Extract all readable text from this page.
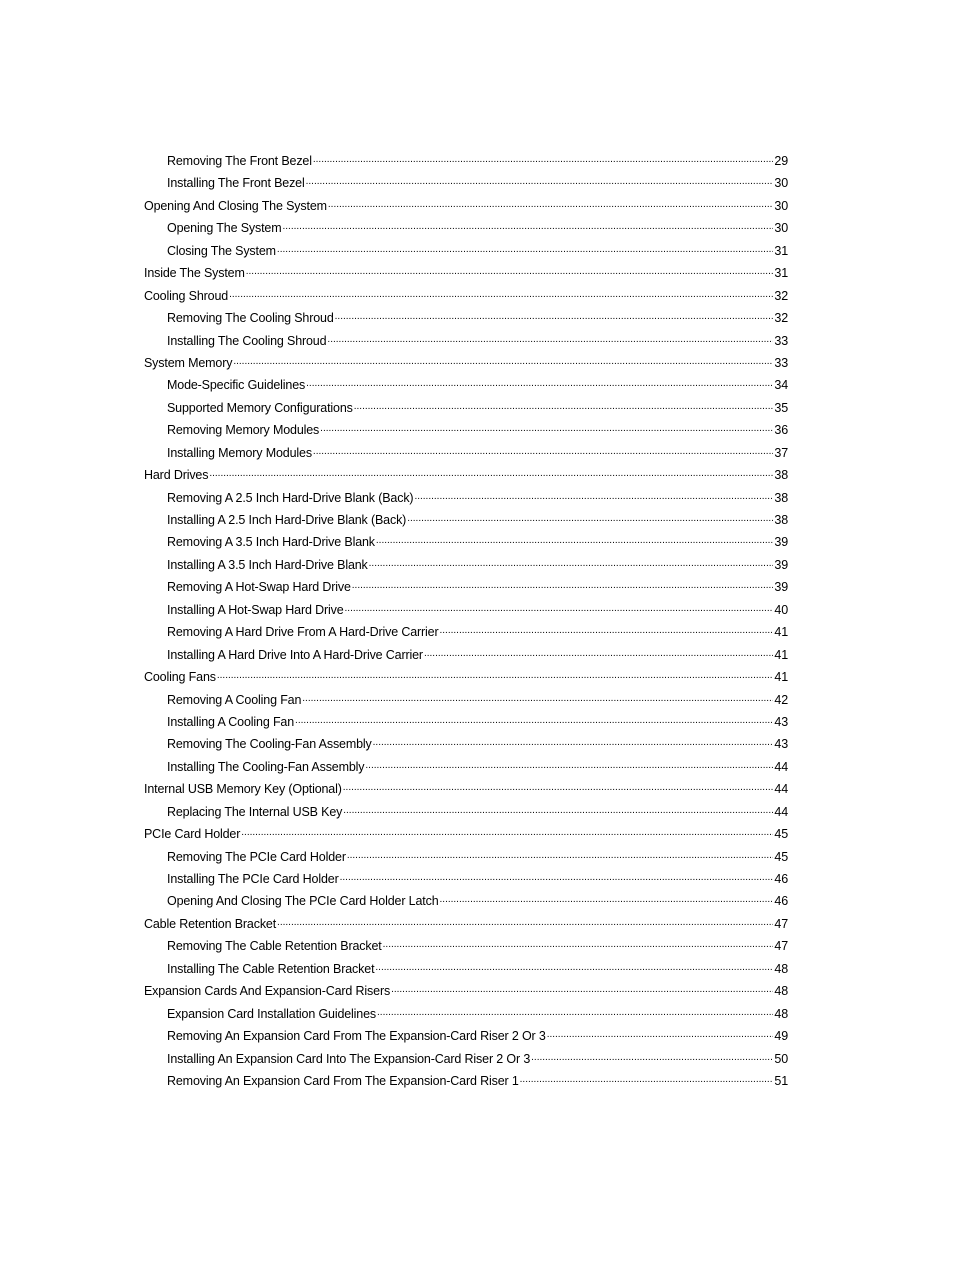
Removing The Front Bezel .....	29
Installing The Front Bezel .....	30
Opening And Closing The System .....	30
Opening The System .....	30
Closing The System .....	31
Inside The System .....	31
Cooling Shroud .....	32
Removing The Cooling Shroud .....	32
Installing The Cooling Shroud .....	33
System Memory .....	33
Mode-Specific Guidelines .....	34
Supported Memory Configurations .....	35
Removing Memory Modules .....	36
Installing Memory Modules .....	37
Hard Drives .....	38
Removing A 2.5 Inch Hard-Drive Blank (Back) .....	38
Installing A 2.5 Inch Hard-Drive Blank (Back) .....	38
Removing A 3.5 Inch Hard-Drive Blank .....	39
Installing A 3.5 Inch Hard-Drive Blank .....	39
Removing A Hot-Swap Hard Drive .....	39
Installing A Hot-Swap Hard Drive .....	40
Removing A Hard Drive From A Hard-Drive Carrier .....	41
Installing A Hard Drive Into A Hard-Drive Carrier .....	41
Cooling Fans .....	41
Removing A Cooling Fan .....	42
Installing A Cooling Fan .....	43
Removing The Cooling-Fan Assembly .....	43
Installing The Cooling-Fan Assembly .....	44
Internal USB Memory Key (Optional) .....	44
Replacing The Internal USB Key .....	44
PCIe Card Holder .....	45
Removing The PCIe Card Holder .....	45
Installing The PCIe Card Holder .....	46
Opening And Closing The PCIe Card Holder Latch .....	46
Cable Retention Bracket .....	47
Removing The Cable Retention Bracket .....	47
Installing The Cable Retention Bracket .....	48
Expansion Cards And Expansion-Card Risers .....	48
Expansion Card Installation Guidelines .....	48
Removing An Expansion Card From The Expansion-Card Riser 2 Or 3 .....	49
Installing An Expansion Card Into The Expansion-Card Riser 2 Or 3 .....	50
Removing An Expansion Card From The Expansion-Card Riser 1 .....	51
